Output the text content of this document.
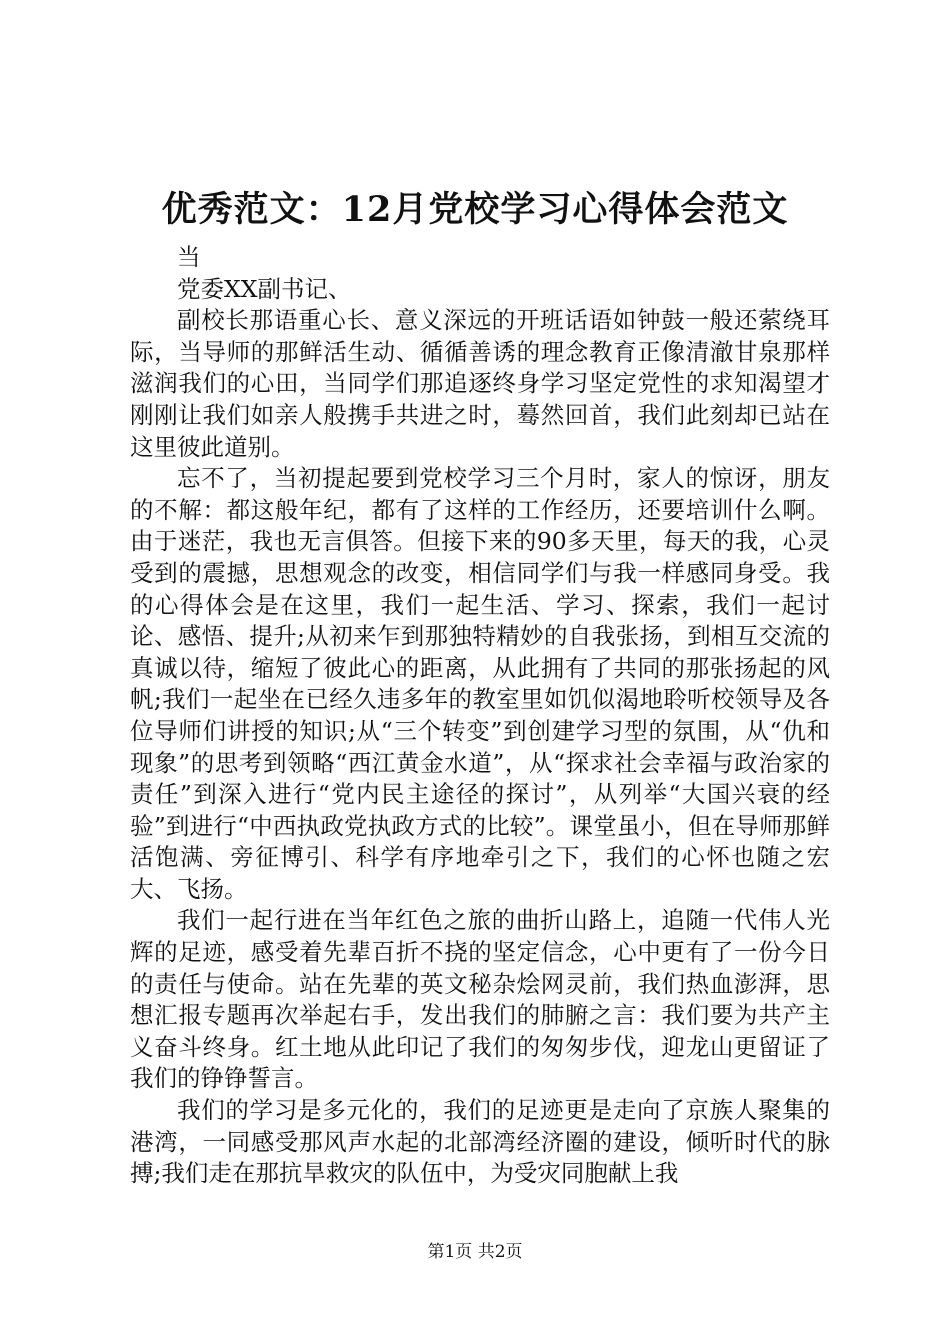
优秀范文：12月党校学习心得体会范文

当

党委XX副书记、

副校长那语重心长、意义深远的开班话语如钟鼓一般还萦绕耳际，当导师的那鲜活生动、循循善诱的理念教育正像清澈甘泉那样滋润我们的心田，当同学们那追逐终身学习坚定党性的求知渴望才刚刚让我们如亲人般携手共进之时，蓦然回首，我们此刻却已站在这里彼此道别。

忘不了，当初提起要到党校学习三个月时，家人的惊讶，朋友的不解：都这般年纪，都有了这样的工作经历，还要培训什么啊。由于迷茫，我也无言俱答。但接下来的90多天里，每天的我，心灵受到的震撼，思想观念的改变，相信同学们与我一样感同身受。我的心得体会是在这里，我们一起生活、学习、探索，我们一起讨论、感悟、提升;从初来乍到那独特精妙的自我张扬，到相互交流的真诚以待，缩短了彼此心的距离，从此拥有了共同的那张扬起的风帆;我们一起坐在已经久违多年的教室里如饥似渴地聆听校领导及各位导师们讲授的知识;从“三个转变”到创建学习型的氛围，从“仇和现象”的思考到领略“西江黄金水道”，从“探求社会幸福与政治家的责任”到深入进行“党内民主途径的探讨”，从列举“大国兴衰的经验”到进行“中西执政党执政方式的比较”。课堂虽小，但在导师那鲜活饱满、旁征博引、科学有序地牵引之下，我们的心怀也随之宏大、飞扬。

我们一起行进在当年红色之旅的曲折山路上，追随一代伟人光辉的足迹，感受着先辈百折不挠的坚定信念，心中更有了一份今日的责任与使命。站在先辈的英文秘杂烩网灵前，我们热血澎湃，思想汇报专题再次举起右手，发出我们的肺腑之言：我们要为共产主义奋斗终身。红土地从此印记了我们的匆匆步伐，迎龙山更留证了我们的铮铮誓言。

我们的学习是多元化的，我们的足迹更是走向了京族人聚集的港湾，一同感受那风声水起的北部湾经济圈的建设，倾听时代的脉搏;我们走在那抗旱救灾的队伍中，为受灾同胞献上我

第1页 共2页
